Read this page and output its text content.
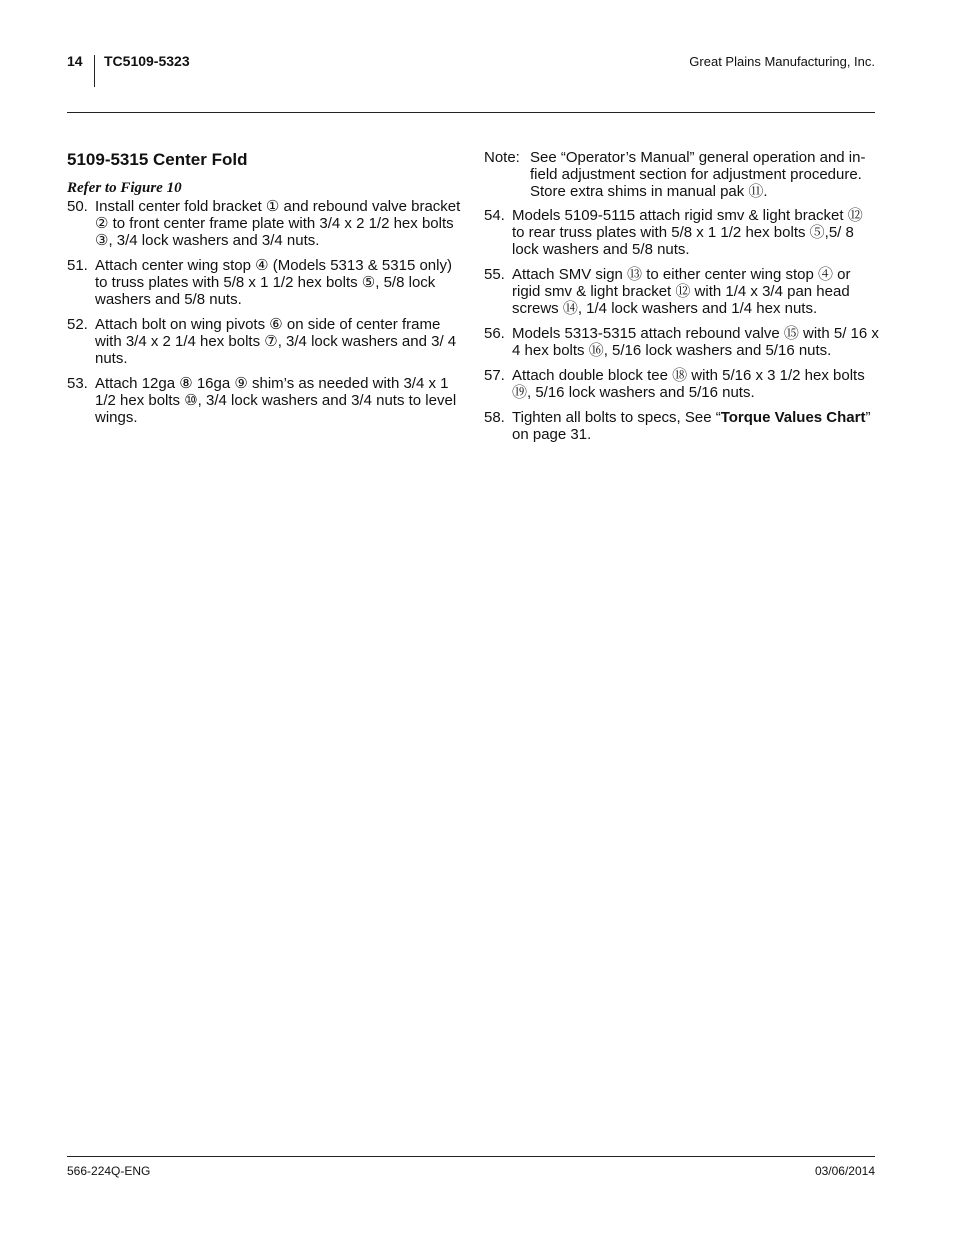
14 TC5109-5323	Great Plains Manufacturing, Inc.
5109-5315 Center Fold
Refer to Figure 10
50. Install center fold bracket ① and rebound valve bracket ② to front center frame plate with 3/4 x 2 1/2 hex bolts ③, 3/4 lock washers and 3/4 nuts.
51. Attach center wing stop ④ (Models 5313 & 5315 only) to truss plates with 5/8 x 1 1/2 hex bolts ⑤, 5/8 lock washers and 5/8 nuts.
52. Attach bolt on wing pivots ⑥ on side of center frame with 3/4 x 2 1/4 hex bolts ⑦, 3/4 lock washers and 3/ 4 nuts.
53. Attach 12ga ⑧ 16ga ⑨ shim’s as needed with 3/4 x 1 1/2 hex bolts ⑩, 3/4 lock washers and 3/4 nuts to level wings.
Note: See “Operator’s Manual” general operation and in-field adjustment section for adjustment procedure. Store extra shims in manual pak ⑪.
54. Models 5109-5115 attach rigid smv & light bracket ⑫ to rear truss plates with 5/8 x 1 1/2 hex bolts ⑤,5/ 8 lock washers and 5/8 nuts.
55. Attach SMV sign ⑬ to either center wing stop ④ or rigid smv & light bracket ⑫ with 1/4 x 3/4 pan head screws ⑭, 1/4 lock washers and 1/4 hex nuts.
56. Models 5313-5315 attach rebound valve ⑮ with 5/ 16 x 4 hex bolts ⑯, 5/16 lock washers and 5/16 nuts.
57. Attach double block tee ⑱ with 5/16 x 3 1/2 hex bolts ⑲, 5/16 lock washers and 5/16 nuts.
58. Tighten all bolts to specs, See “Torque Values Chart” on page 31.
566-224Q-ENG	03/06/2014
